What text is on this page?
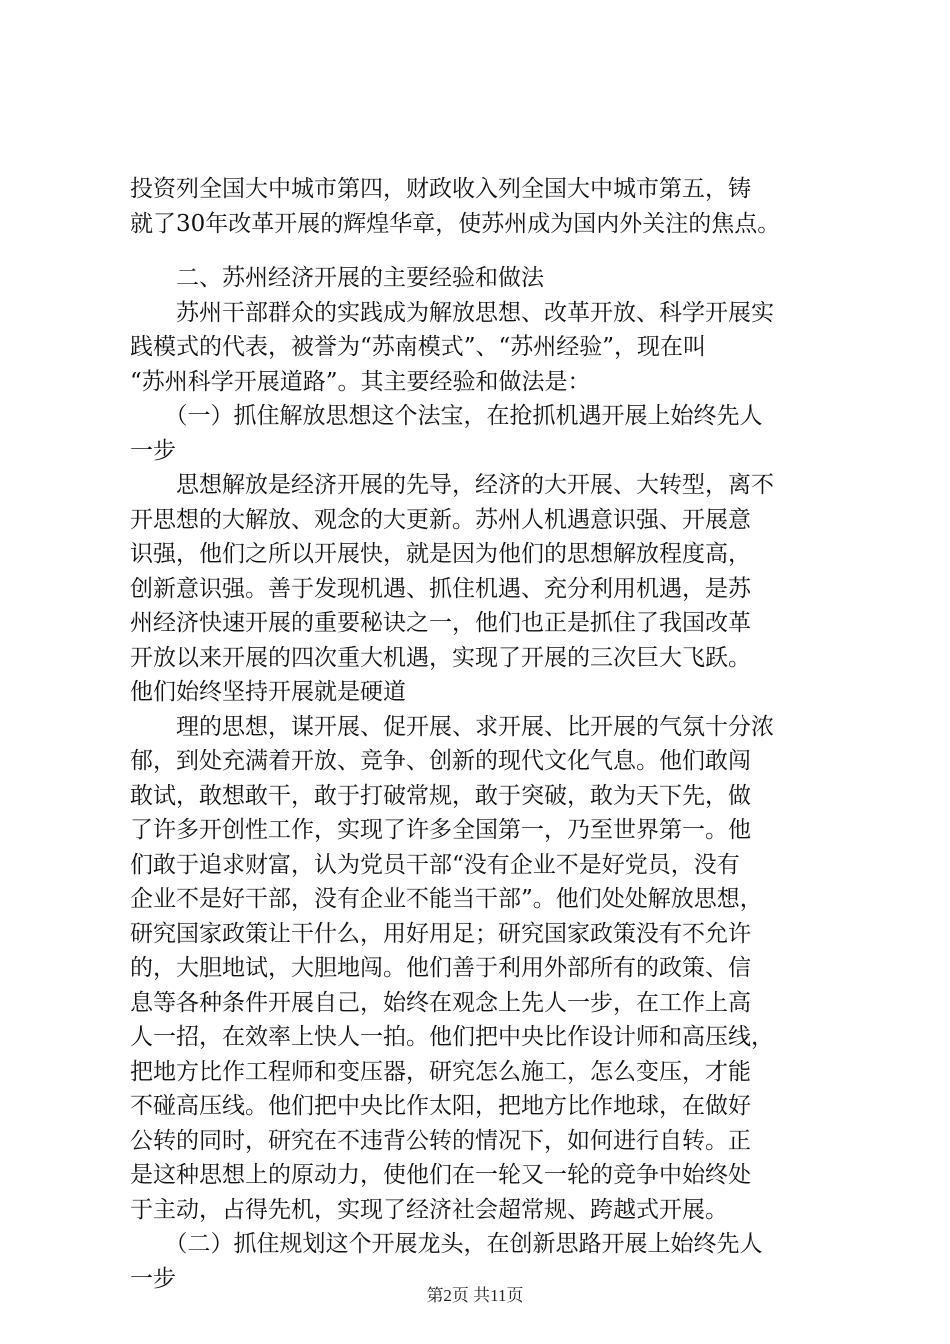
投资列全国大中城市第四，财政收入列全国大中城市第五，铸
就了30年改革开展的辉煌华章，使苏州成为国内外关注的焦点。
　　二、苏州经济开展的主要经验和做法
　　苏州干部群众的实践成为解放思想、改革开放、科学开展实
践模式的代表，被誉为“苏南模式”、“苏州经验”，现在叫
“苏州科学开展道路”。其主要经验和做法是：
　　（一）抓住解放思想这个法宝，在抢抓机遇开展上始终先人
一步
　　思想解放是经济开展的先导，经济的大开展、大转型，离不
开思想的大解放、观念的大更新。苏州人机遇意识强、开展意
识强，他们之所以开展快，就是因为他们的思想解放程度高，
创新意识强。善于发现机遇、抓住机遇、充分利用机遇，是苏
州经济快速开展的重要秘诀之一，他们也正是抓住了我国改革
开放以来开展的四次重大机遇，实现了开展的三次巨大飞跃。
他们始终坚持开展就是硬道
　　理的思想，谋开展、促开展、求开展、比开展的气氛十分浓
郁，到处充满着开放、竞争、创新的现代文化气息。他们敢闯
敢试，敢想敢干，敢于打破常规，敢于突破，敢为天下先，做
了许多开创性工作，实现了许多全国第一，乃至世界第一。他
们敢于追求财富，认为党员干部“没有企业不是好党员，没有
企业不是好干部，没有企业不能当干部”。他们处处解放思想，
研究国家政策让干什么，用好用足；研究国家政策没有不允许
的，大胆地试，大胆地闯。他们善于利用外部所有的政策、信
息等各种条件开展自己，始终在观念上先人一步，在工作上高
人一招，在效率上快人一拍。他们把中央比作设计师和高压线，
把地方比作工程师和变压器，研究怎么施工，怎么变压，才能
不碰高压线。他们把中央比作太阳，把地方比作地球，在做好
公转的同时，研究在不违背公转的情况下，如何进行自转。正
是这种思想上的原动力，使他们在一轮又一轮的竞争中始终处
于主动，占得先机，实现了经济社会超常规、跨越式开展。
　　（二）抓住规划这个开展龙头，在创新思路开展上始终先人
一步
第2页 共11页
